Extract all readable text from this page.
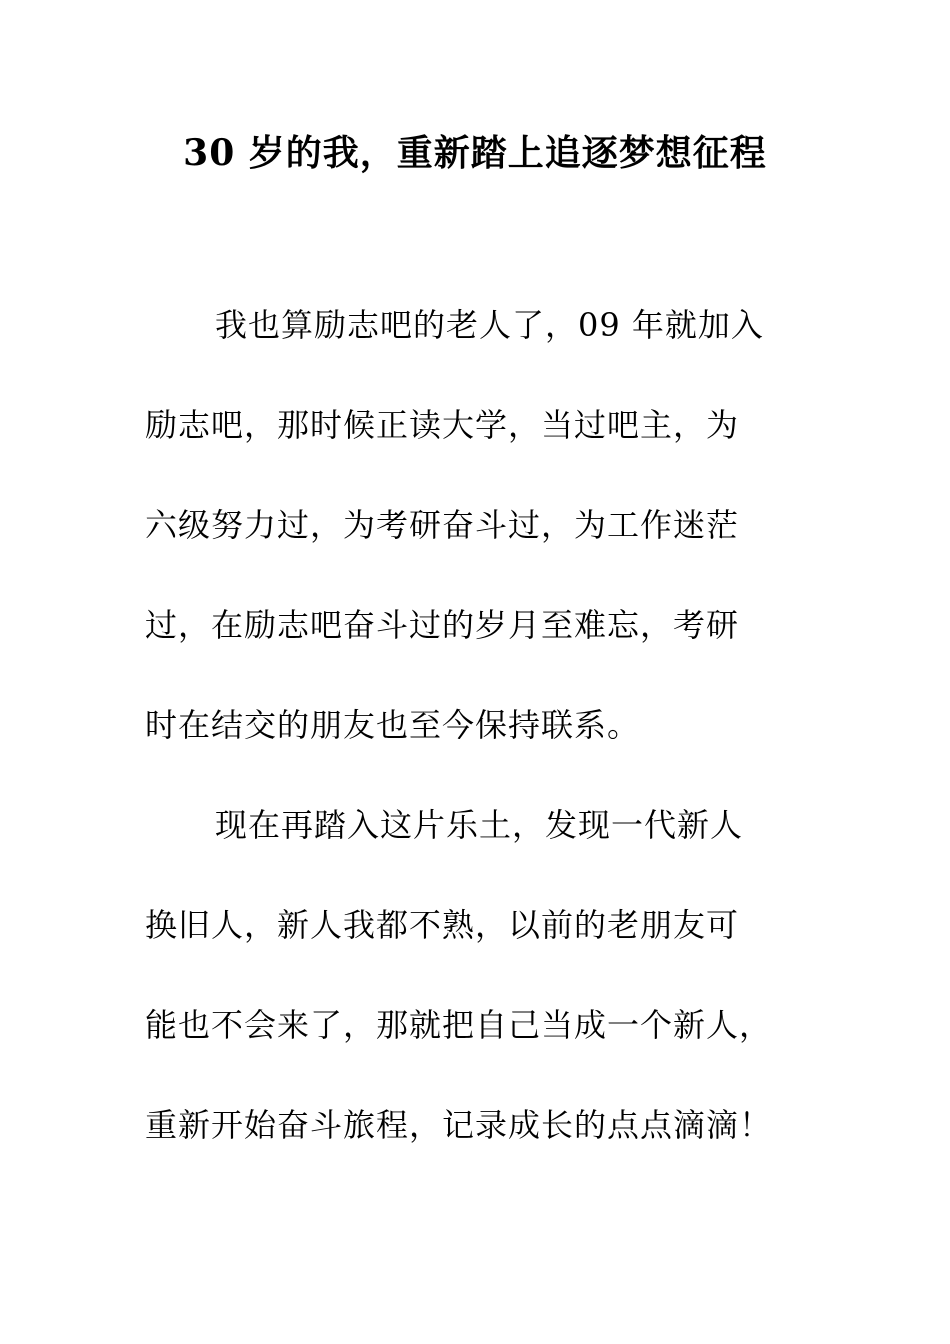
30 岁的我，重新踏上追逐梦想征程
我也算励志吧的老人了，09 年就加入
励志吧，那时候正读大学，当过吧主，为
六级努力过，为考研奋斗过，为工作迷茫
过，在励志吧奋斗过的岁月至难忘，考研
时在结交的朋友也至今保持联系。
现在再踏入这片乐土，发现一代新人
换旧人，新人我都不熟，以前的老朋友可
能也不会来了，那就把自己当成一个新人，
重新开始奋斗旅程，记录成长的点点滴滴！
